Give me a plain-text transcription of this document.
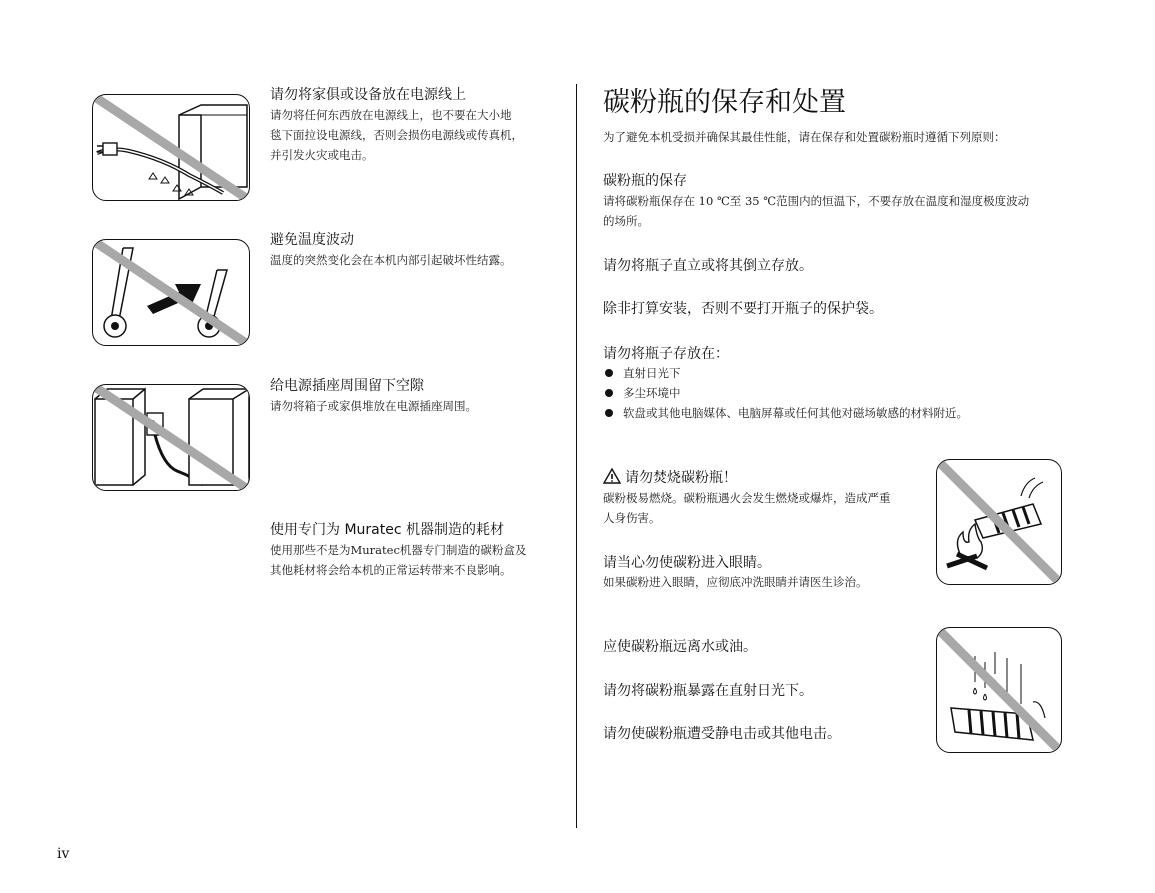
请勿将家俱或设备放在电源线上
请勿将任何东西放在电源线上，也不要在大小地
毯下面拉设电源线，否则会损伤电源线或传真机，
并引发火灾或电击。
避免温度波动
温度的突然变化会在本机内部引起破坏性结露。
给电源插座周围留下空隙
请勿将箱子或家俱堆放在电源插座周围。
使用专门为 Muratec 机器制造的耗材
使用那些不是为Muratec机器专门制造的碳粉盒及
其他耗材将会给本机的正常运转带来不良影响。
碳粉瓶的保存和处置
为了避免本机受损并确保其最佳性能，请在保存和处置碳粉瓶时遵循下列原则：
碳粉瓶的保存
请将碳粉瓶保存在 10 ℃至 35 ℃范围内的恒温下，不要存放在温度和湿度极度波动
的场所。
请勿将瓶子直立或将其倒立存放。
除非打算安装，否则不要打开瓶子的保护袋。
请勿将瓶子存放在：
直射日光下
多尘环境中
软盘或其他电脑媒体、电脑屏幕或任何其他对磁场敏感的材料附近。
请勿焚烧碳粉瓶！
碳粉极易燃烧。碳粉瓶遇火会发生燃烧或爆炸，造成严重
人身伤害。
请当心勿使碳粉进入眼睛。
如果碳粉进入眼睛，应彻底冲洗眼睛并请医生诊治。
应使碳粉瓶远离水或油。
请勿将碳粉瓶暴露在直射日光下。
请勿使碳粉瓶遭受静电击或其他电击。
iv
